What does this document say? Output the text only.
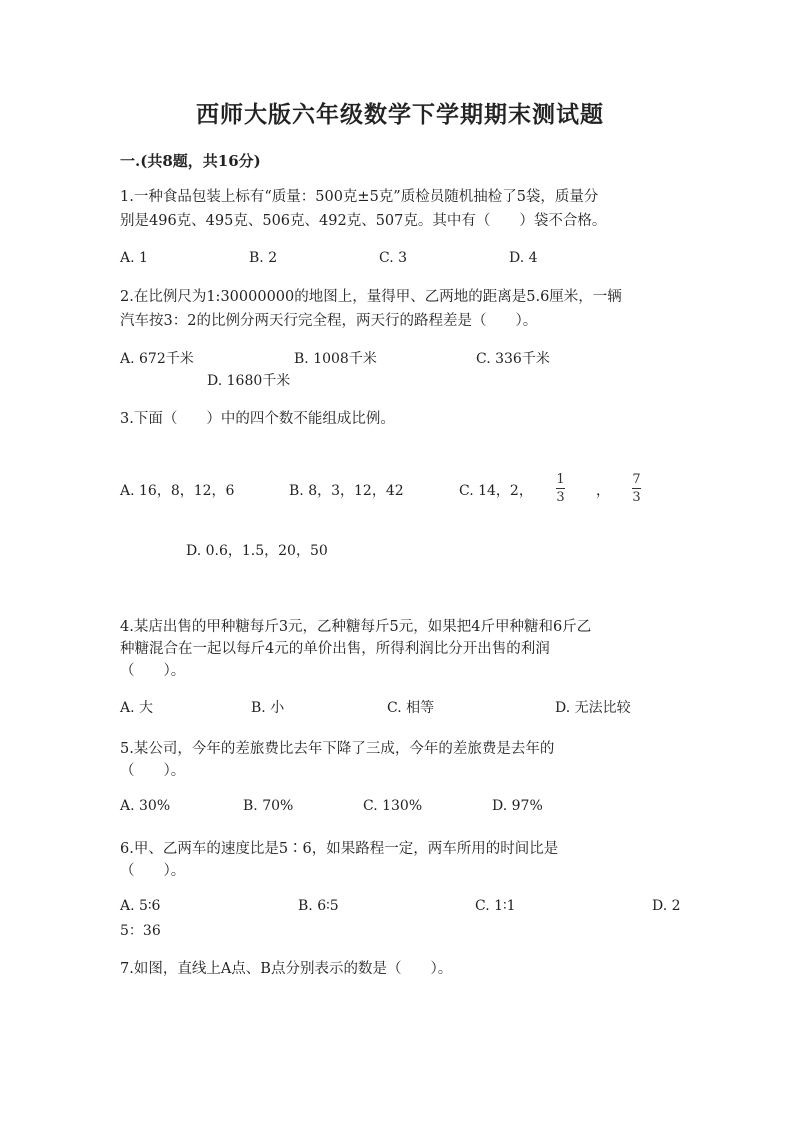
西师大版六年级数学下学期期末测试题
一.(共8题，共16分)
1.一种食品包装上标有“质量：500克±5克”质检员随机抽检了5袋，质量分
别是496克、495克、506克、492克、507克。其中有（　　）袋不合格。
A. 1	B. 2	C. 3	D. 4
2.在比例尺为1:30000000的地图上，量得甲、乙两地的距离是5.6厘米，一辆
汽车按3：2的比例分两天行完全程，两天行的路程差是（　　）。
A. 672千米	B. 1008千米	C. 336千米
D. 1680千米
3.下面（　　）中的四个数不能组成比例。
A. 16，8，12，6	B. 8，3，12，42	C. 14，2，
1
3 ，
7
3
D. 0.6，1.5，20，50
4.某店出售的甲种糖每斤3元，乙种糖每斤5元，如果把4斤甲种糖和6斤乙
种糖混合在一起以每斤4元的单价出售，所得利润比分开出售的利润
（　　）。
A. 大	B. 小	C. 相等	D. 无法比较
5.某公司，今年的差旅费比去年下降了三成，今年的差旅费是去年的
（　　）。
A. 30%	B. 70%	C. 130%	D. 97%
6.甲、乙两车的速度比是5∶6，如果路程一定，两车所用的时间比是
（　　）。
A. 5∶6	B. 6∶5	C. 1∶1	D. 2
5：36
7.如图，直线上A点、B点分别表示的数是（　　）。
